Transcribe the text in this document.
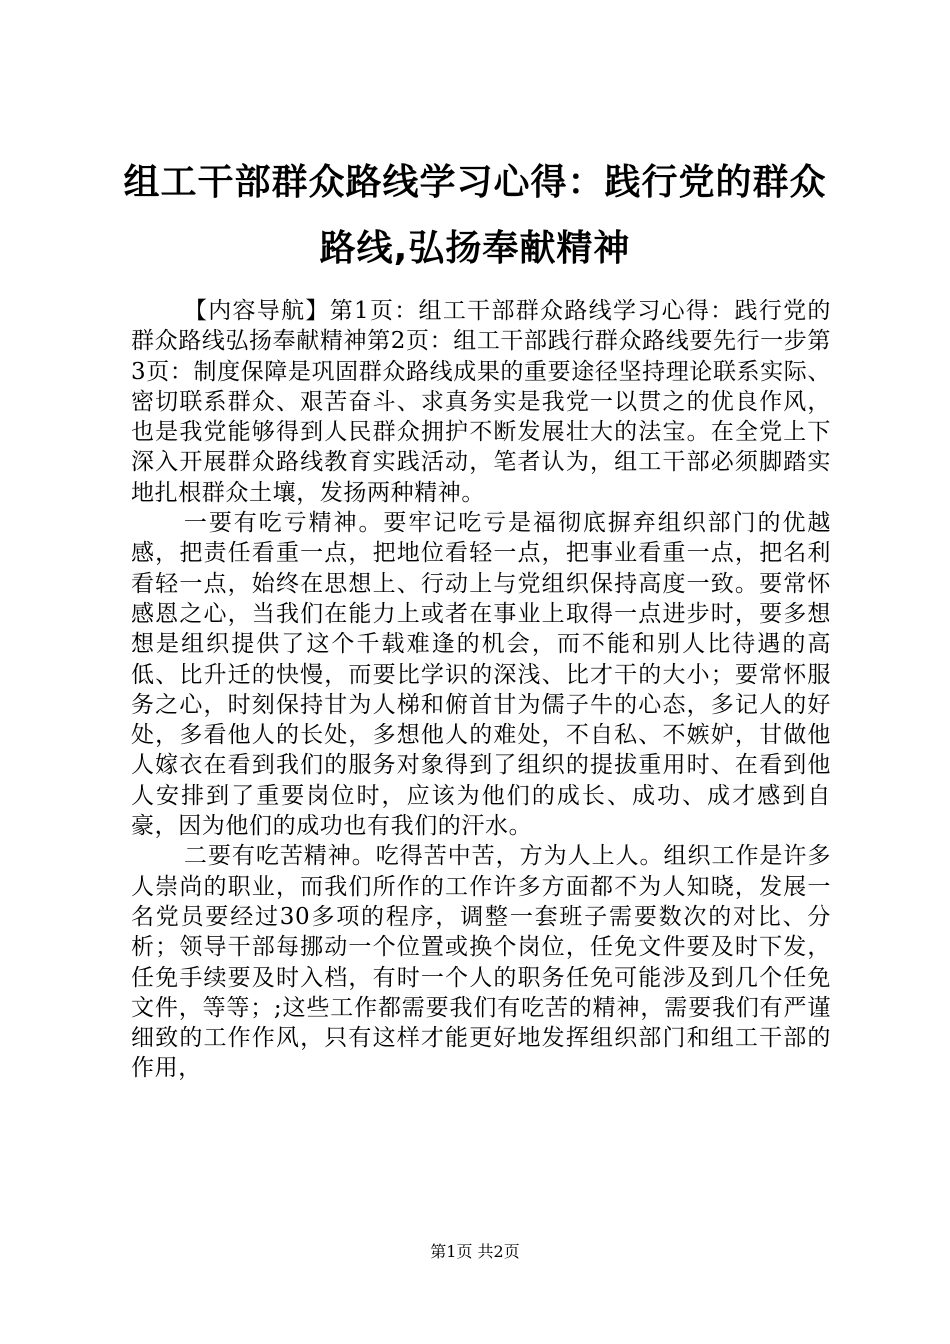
组工干部群众路线学习心得：践行党的群众路线,弘扬奉献精神

【内容导航】第1页：组工干部群众路线学习心得：践行党的群众路线弘扬奉献精神第2页：组工干部践行群众路线要先行一步第3页：制度保障是巩固群众路线成果的重要途径坚持理论联系实际、密切联系群众、艰苦奋斗、求真务实是我党一以贯之的优良作风，也是我党能够得到人民群众拥护不断发展壮大的法宝。在全党上下深入开展群众路线教育实践活动，笔者认为，组工干部必须脚踏实地扎根群众土壤，发扬两种精神。

一要有吃亏精神。要牢记吃亏是福彻底摒弃组织部门的优越感，把责任看重一点，把地位看轻一点，把事业看重一点，把名利看轻一点，始终在思想上、行动上与党组织保持高度一致。要常怀感恩之心，当我们在能力上或者在事业上取得一点进步时，要多想想是组织提供了这个千载难逢的机会，而不能和别人比待遇的高低、比升迁的快慢，而要比学识的深浅、比才干的大小；要常怀服务之心，时刻保持甘为人梯和俯首甘为儒子牛的心态，多记人的好处，多看他人的长处，多想他人的难处，不自私、不嫉妒，甘做他人嫁衣在看到我们的服务对象得到了组织的提拔重用时、在看到他人安排到了重要岗位时，应该为他们的成长、成功、成才感到自豪，因为他们的成功也有我们的汗水。

二要有吃苦精神。吃得苦中苦，方为人上人。组织工作是许多人崇尚的职业，而我们所作的工作许多方面都不为人知晓，发展一名党员要经过30多项的程序，调整一套班子需要数次的对比、分析；领导干部每挪动一个位置或换个岗位，任免文件要及时下发，任免手续要及时入档，有时一个人的职务任免可能涉及到几个任免文件，等等；;这些工作都需要我们有吃苦的精神，需要我们有严谨细致的工作作风，只有这样才能更好地发挥组织部门和组工干部的作用，

第1页 共2页
